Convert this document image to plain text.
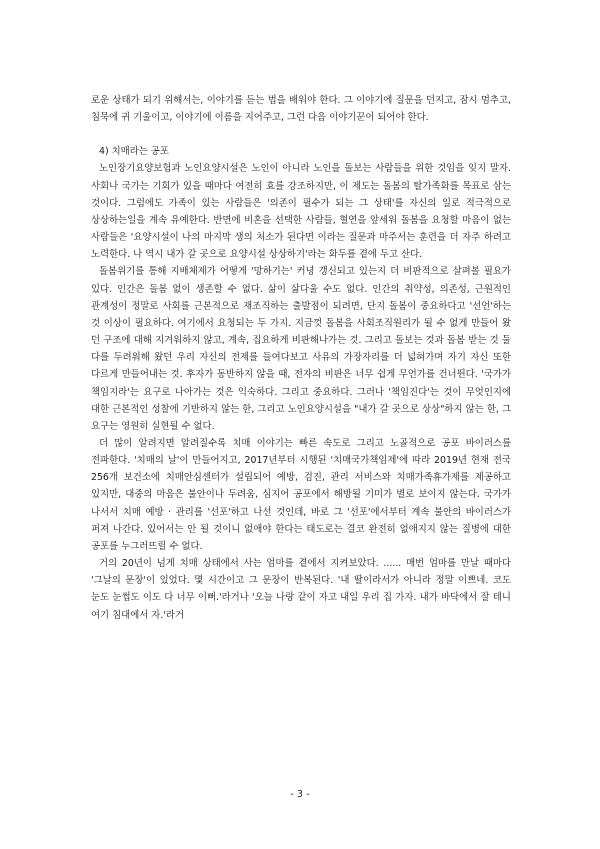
로운 상태가 되기 위해서는, 이야기를 듣는 법을 배워야 한다. 그 이야기에 질문을 던지고, 잠시 멈추고, 침묵에 귀 기울이고, 이야기에 이름을 지어주고, 그런 다음 이야기꾼이 되어야 한다.

4) 치매라는 공포

노인장기요양보험과 노인요양시설은 노인이 아니라 노인을 돌보는 사람들을 위한 것임을 잊지 말자. 사회나 국가는 기회가 있을 때마다 여전히 효를 강조하지만, 이 제도는 돌봄의 탈가족화를 목표로 삼는 것이다. 그럼에도 가족이 있는 사람들은 '의존이 필수가 되는 그 상태'를 자신의 일로 적극적으로 상상하는일을 계속 유예한다. 반면에 비혼을 선택한 사람들, 혈연을 앞세워 돌봄을 요청할 마음이 없는 사람들은 '요양시설이 나의 마지막 생의 처소가 된다면 이라는 질문과 마주서는 훈련을 더 자주 하려고 노력한다. 나 역시 내가 갈 곳으로 요양시설 상상하기'라는 화두를 곁에 두고 산다.

돌봄위기를 통해 지배체제가 어떻게 '망하기는' 커녕 갱신되고 있는지 더 비판적으로 살펴볼 필요가 있다. 인간은 돌봄 없이 생존할 수 없다. 삶이 삶다울 수도 없다. 인간의 취약성, 의존성, 근원적인 관계성이 정말로 사회를 근본적으로 재조직하는 출발점이 되려면, 단지 돌봄이 중요하다고 '선언'하는 것 이상이 필요하다. 여기에서 요청되는 두 가지. 지금껏 돌봄을 사회조직원리가 될 수 없게 만들어 왔 던 구조에 대해 지겨워하지 않고, 계속, 집요하게 비판해나가는 것. 그리고 돌보는 것과 돌봄 받는 것 둘 다를 두려워해 왔던 우리 자신의 전제를 들여다보고 사유의 가장자리를 더 넓혀가며 자기 자신 또한 다르게 만들어내는 것. 후자가 동반하지 않을 때, 전자의 비판은 너무 쉽게 무언가를 건너뛴다. '국가가 책임지라'는 요구로 나아가는 것은 익숙하다. 그리고 중요하다. 그러나 '책임진다'는 것이 무엇인지에 대한 근본적인 성찰에 기반하지 않는 한, 그리고 노인요양시설을 "내가 갈 곳으로 상상"하지 않는 한, 그 요구는 영원히 실현될 수 없다.

더 많이 알려지면 알려질수록 치매 이야기는 빠른 속도로 그리고 노골적으로 공포 바이러스를 전파한다. '치매의 날'이 만들어지고, 2017년부터 시행된 '치매국가책임제'에 따라 2019년 현재 전국 256개 보건소에 치매안심센터가 설립되어 예방, 검진, 관리 서비스와 치매가족휴가제를 제공하고 있지만, 대중의 마음은 불안이나 두려움, 심지어 공포에서 해방될 기미가 별로 보이지 않는다. 국가가 나서서 치매 예방 · 관리를 '선포'하고 나선 것인데, 바로 그 '선포'에서부터 계속 불안의 바이러스가 퍼져 나간다. 있어서는 안 될 것이니 없애야 한다는 태도로는 결코 완전히 없애지지 않는 질병에 대한 공포를 누그러뜨릴 수 없다.

거의 20년이 넘게 치매 상태에서 사는 엄마를 곁에서 지켜보았다. ...... 매번 엄마를 만날 때마다 '그날의 문장'이 있었다. 몇 시간이고 그 문장이 반복된다. '내 딸이라서가 아니라 정말 이쁘네. 코도 눈도 눈썹도 이도 다 너무 이뻐.'라거나 '오늘 나랑 같이 자고 내일 우리 집 가자. 내가 바닥에서 잘 테니 여기 침대에서 자.'라거

- 3 -
